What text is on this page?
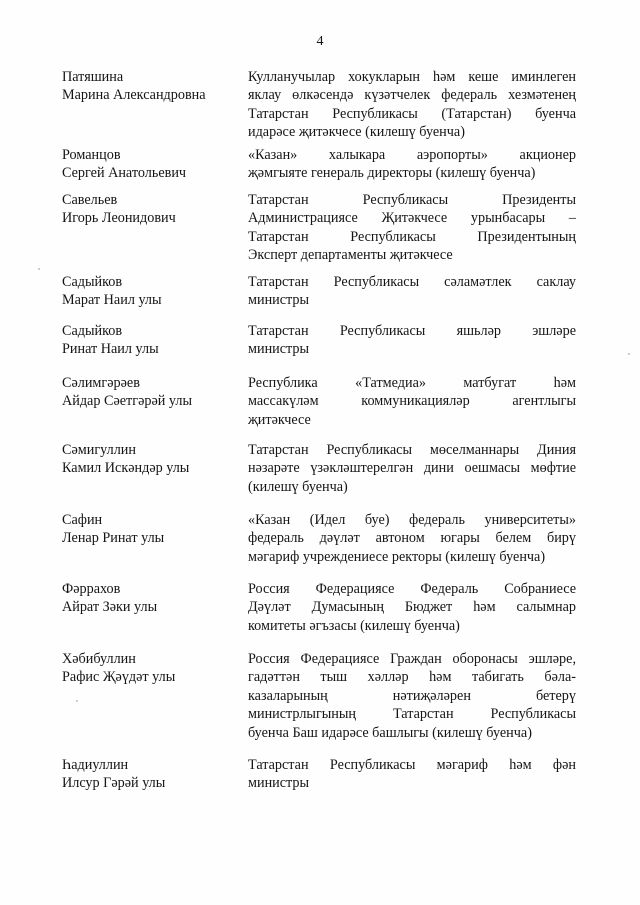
4
Патяшина
Марина Александровна
Кулланучылар хокукларын һәм кеше иминлеген
яклау өлкәсендә күзәтчелек федераль хезмәтенең
Татарстан Республикасы (Татарстан) буенча
идарәсе җитәкчесе (килешү буенча)
Романцов
Сергей Анатольевич
«Казан» халыкара аэропорты» акционер
җәмгыяте генераль директоры (килешү буенча)
Савельев
Игорь Леонидович
Татарстан Республикасы Президенты
Администрациясе Җитәкчесе урынбасары –
Татарстан Республикасы Президентының
Эксперт департаменты җитәкчесе
Садыйков
Марат Наил улы
Татарстан Республикасы сәламәтлек саклау
министры
Садыйков
Ринат Наил улы
Татарстан Республикасы яшьләр эшләре
министры
Сәлимгәрәев
Айдар Сәетгәрәй улы
Республика «Татмедиа» матбугат һәм
массакүләм коммуникацияләр агентлыгы
җитәкчесе
Сәмигуллин
Камил Искәндәр улы
Татарстан Республикасы мөселманнары Диния
нәзарәте үзәкләштерелгән дини оешмасы мөфтие
(килешү буенча)
Сафин
Ленар Ринат улы
«Казан (Идел буе) федераль университеты»
федераль дәүләт автоном югары белем бирү
мәгариф учреждениесе ректоры (килешү буенча)
Фәррахов
Айрат Зәки улы
Россия Федерациясе Федераль Собраниесе
Дәүләт Думасының Бюджет һәм салымнар
комитеты әгъзасы (килешү буенча)
Хәбибуллин
Рафис Җәүдәт улы
Россия Федерациясе Граждан оборонасы эшләре,
гадәттән тыш хәлләр һәм табигать бәла-
казаларының нәтиҗәләрен бетерү
министрлыгының Татарстан Республикасы
буенча Баш идарәсе башлыгы (килешү буенча)
Һадиуллин
Илсур Гәрәй улы
Татарстан Республикасы мәгариф һәм фән
министры
